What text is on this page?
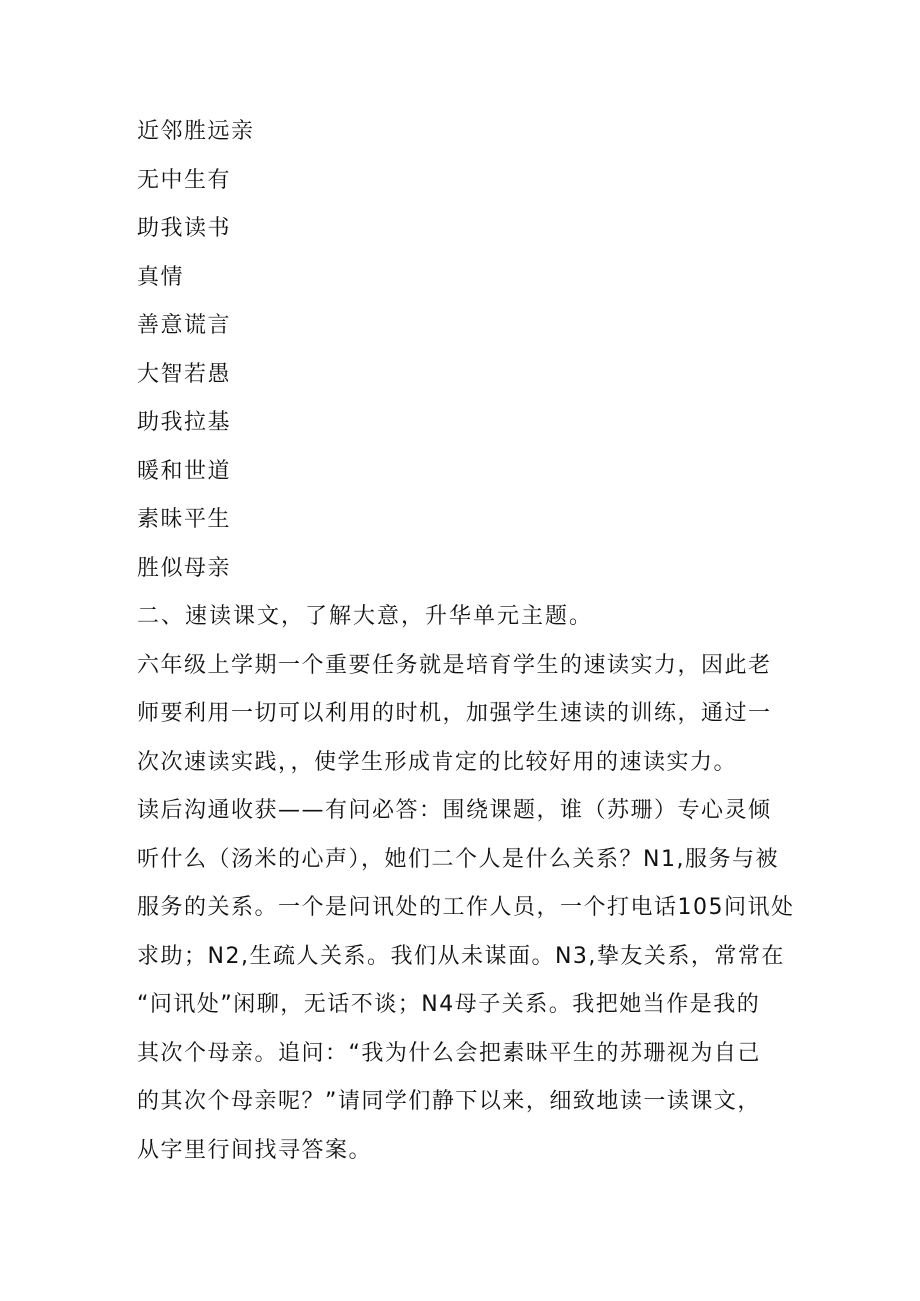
近邻胜远亲
无中生有
助我读书
真情
善意谎言
大智若愚
助我拉基
暖和世道
素昧平生
胜似母亲
二、速读课文，了解大意，升华单元主题。
六年级上学期一个重要任务就是培育学生的速读实力，因此老
师要利用一切可以利用的时机，加强学生速读的训练，通过一
次次速读实践，，使学生形成肯定的比较好用的速读实力。
读后沟通收获——有问必答：围绕课题，谁（苏珊）专心灵倾
听什么（汤米的心声），她们二个人是什么关系？N1,服务与被
服务的关系。一个是问讯处的工作人员，一个打电话105问讯处
求助；N2,生疏人关系。我们从未谋面。N3,挚友关系，常常在
“问讯处”闲聊，无话不谈；N4母子关系。我把她当作是我的
其次个母亲。追问：“我为什么会把素昧平生的苏珊视为自己
的其次个母亲呢？”请同学们静下以来，细致地读一读课文，
从字里行间找寻答案。
